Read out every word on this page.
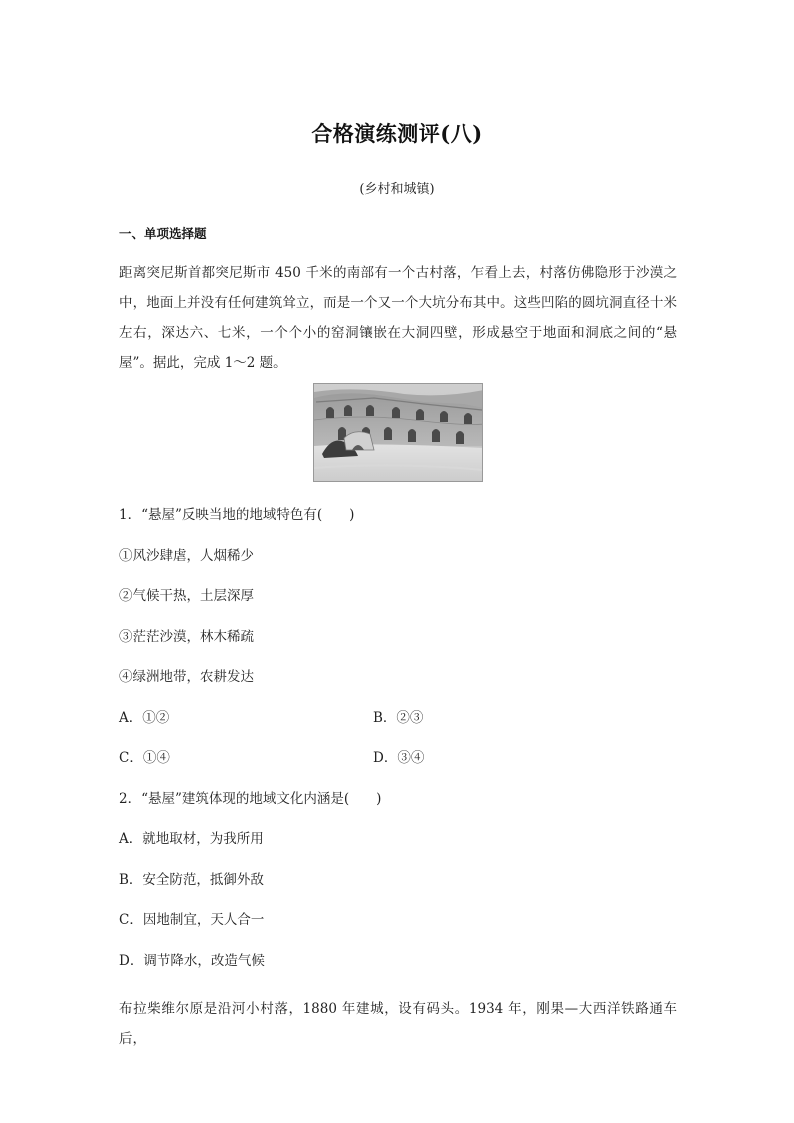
合格演练测评(八)
(乡村和城镇)
一、单项选择题
距离突尼斯首都突尼斯市 450 千米的南部有一个古村落，乍看上去，村落仿佛隐形于沙漠之中，地面上并没有任何建筑耸立，而是一个又一个大坑分布其中。这些凹陷的圆坑洞直径十米左右，深达六、七米，一个个小的窑洞镶嵌在大洞四壁，形成悬空于地面和洞底之间的“悬屋”。据此，完成 1～2 题。
1．“悬屋”反映当地的地域特色有(　　)
①风沙肆虐，人烟稀少
②气候干热，土层深厚
③茫茫沙漠，林木稀疏
④绿洲地带，农耕发达
A．①②	B．②③
C．①④	D．③④
2．“悬屋”建筑体现的地域文化内涵是(　　)
A．就地取材，为我所用
B．安全防范，抵御外敌
C．因地制宜，天人合一
D．调节降水，改造气候
布拉柴维尔原是沿河小村落，1880 年建城，设有码头。1934 年，刚果—大西洋铁路通车后，
